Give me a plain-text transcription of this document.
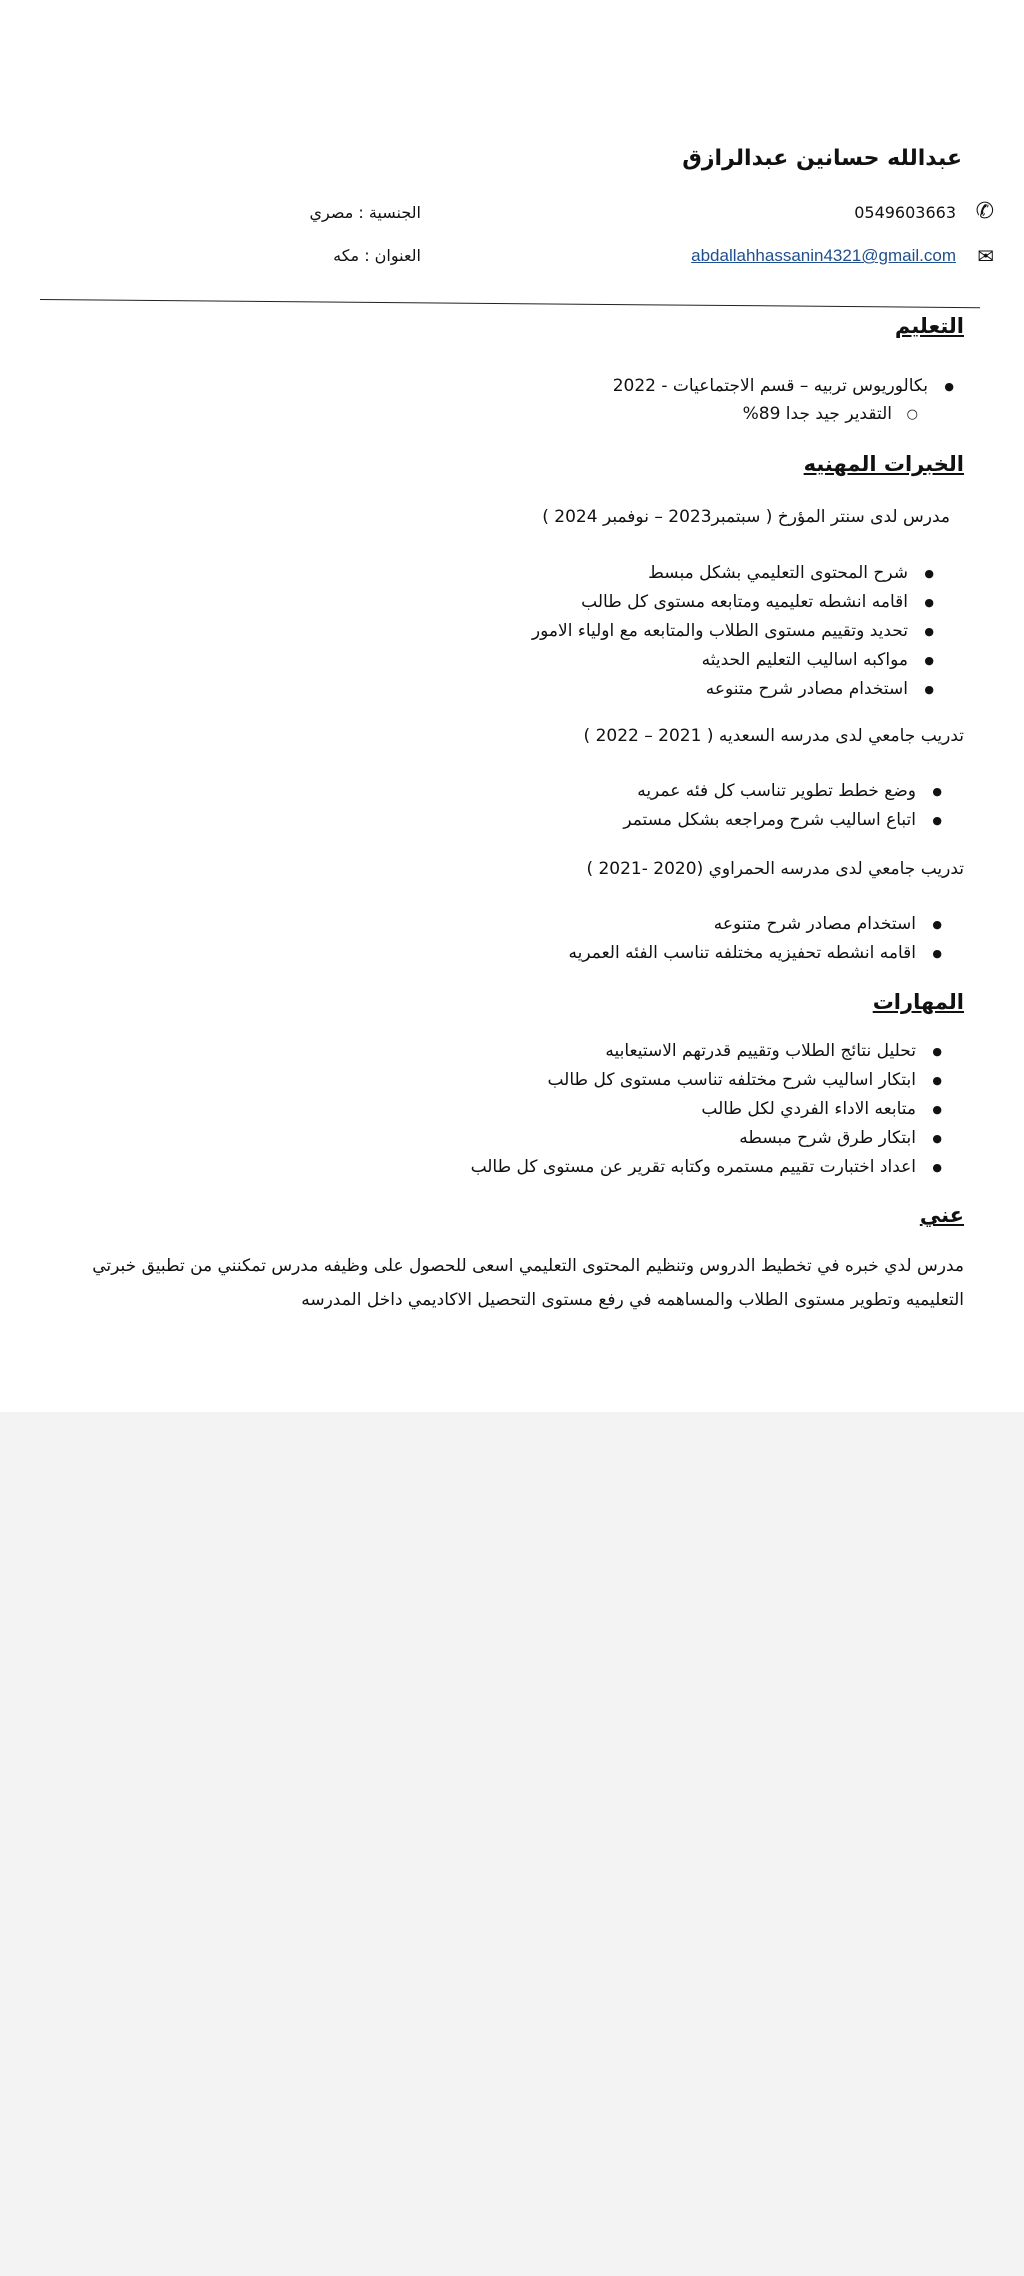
عبدالله حسانين عبدالرازق
✆
0549603663
✉
abdallahhassanin4321@gmail.com
الجنسية : مصري
العنوان : مكه
التعليم
● بكالوريوس تربيه – قسم الاجتماعيات - 2022
○ التقدير جيد جدا 89%
الخبرات المهنيه
مدرس لدى سنتر المؤرخ ( سبتمبر2023 – نوفمبر 2024 )
● شرح المحتوى التعليمي بشكل مبسط
● اقامه انشطه تعليميه ومتابعه مستوى كل طالب
● تحديد وتقييم مستوى الطلاب والمتابعه مع اولياء الامور
● مواكبه اساليب التعليم الحديثه
● استخدام مصادر شرح متنوعه
تدريب جامعي لدى مدرسه السعديه ( 2021 – 2022 )
● وضع خطط تطوير تناسب كل فئه عمريه
● اتباع اساليب شرح ومراجعه بشكل مستمر
تدريب جامعي لدى مدرسه الحمراوي (2020 -2021 )
● استخدام مصادر شرح متنوعه
● اقامه انشطه تحفيزيه مختلفه تناسب الفئه العمريه
المهارات
● تحليل نتائج الطلاب وتقييم قدرتهم الاستيعابيه
● ابتكار اساليب شرح مختلفه تناسب مستوى كل طالب
● متابعه الاداء الفردي لكل طالب
● ابتكار طرق شرح مبسطه
● اعداد اختبارت تقييم مستمره وكتابه تقرير عن مستوى كل طالب
عني
مدرس لدي خبره في تخطيط الدروس وتنظيم المحتوى التعليمي اسعى للحصول على وظيفه مدرس تمكنني من تطبيق خبرتي التعليميه وتطوير مستوى الطلاب والمساهمه في رفع مستوى التحصيل الاكاديمي داخل المدرسه
